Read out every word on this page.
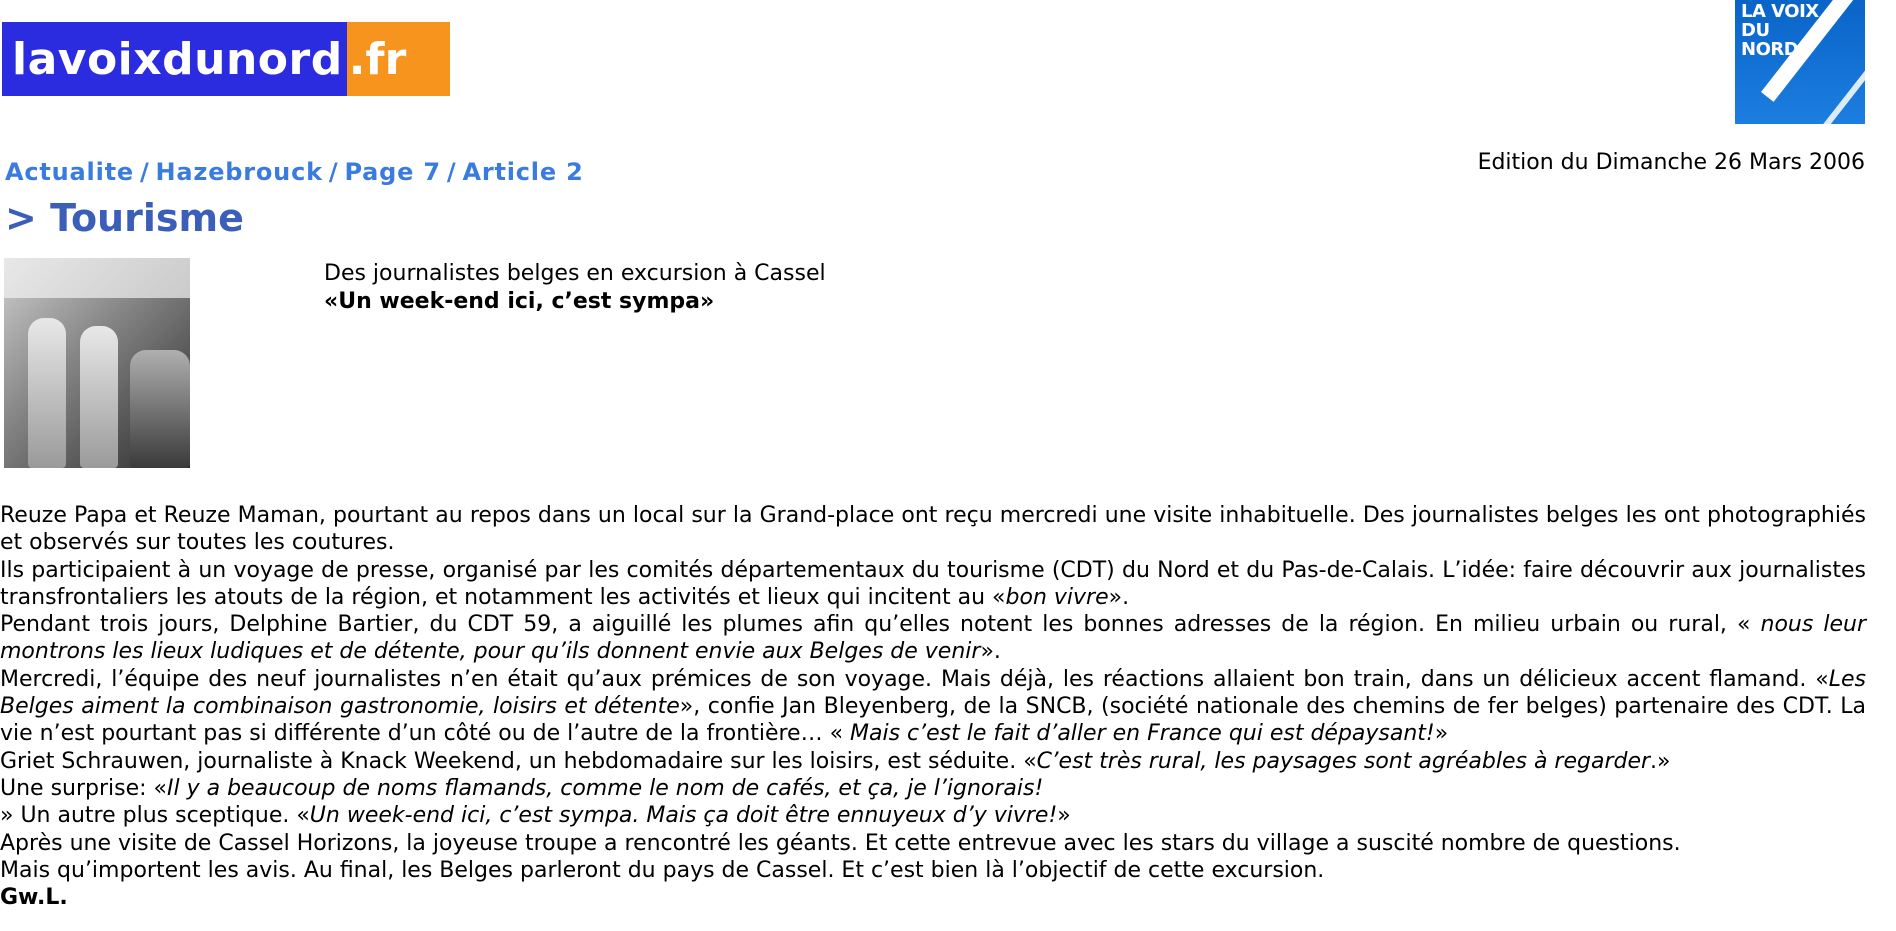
lavoixdunord .fr
LA VOIX
DU
NORD
Actualite / Hazebrouck / Page 7 / Article 2	Edition du Dimanche 26 Mars 2006
> Tourisme
Des journalistes belges en excursion à Cassel
«Un week-end ici, c’est sympa»

Reuze Papa et Reuze Maman, pourtant au repos dans un local sur la Grand-place ont reçu mercredi une visite inhabituelle. Des journalistes belges les ont photographiés et observés sur toutes les coutures.

Ils participaient à un voyage de presse, organisé par les comités départementaux du tourisme (CDT) du Nord et du Pas-de-Calais. L’idée: faire découvrir aux journalistes transfrontaliers les atouts de la région, et notamment les activités et lieux qui incitent au «bon vivre».

Pendant trois jours, Delphine Bartier, du CDT 59, a aiguillé les plumes afin qu’elles notent les bonnes adresses de la région. En milieu urbain ou rural, « nous leur montrons les lieux ludiques et de détente, pour qu’ils donnent envie aux Belges de venir».

Mercredi, l’équipe des neuf journalistes n’en était qu’aux prémices de son voyage. Mais déjà, les réactions allaient bon train, dans un délicieux accent flamand. «Les Belges aiment la combinaison gastronomie, loisirs et détente», confie Jan Bleyenberg, de la SNCB, (société nationale des chemins de fer belges) partenaire des CDT. La vie n’est pourtant pas si différente d’un côté ou de l’autre de la frontière… « Mais c’est le fait d’aller en France qui est dépaysant!»

Griet Schrauwen, journaliste à Knack Weekend, un hebdomadaire sur les loisirs, est séduite. «C’est très rural, les paysages sont agréables à regarder.»

Une surprise: «Il y a beaucoup de noms flamands, comme le nom de cafés, et ça, je l’ignorais!

» Un autre plus sceptique. «Un week-end ici, c’est sympa. Mais ça doit être ennuyeux d’y vivre!»

Après une visite de Cassel Horizons, la joyeuse troupe a rencontré les géants. Et cette entrevue avec les stars du village a suscité nombre de questions.

Mais qu’importent les avis. Au final, les Belges parleront du pays de Cassel. Et c’est bien là l’objectif de cette excursion.

Gw.L.
